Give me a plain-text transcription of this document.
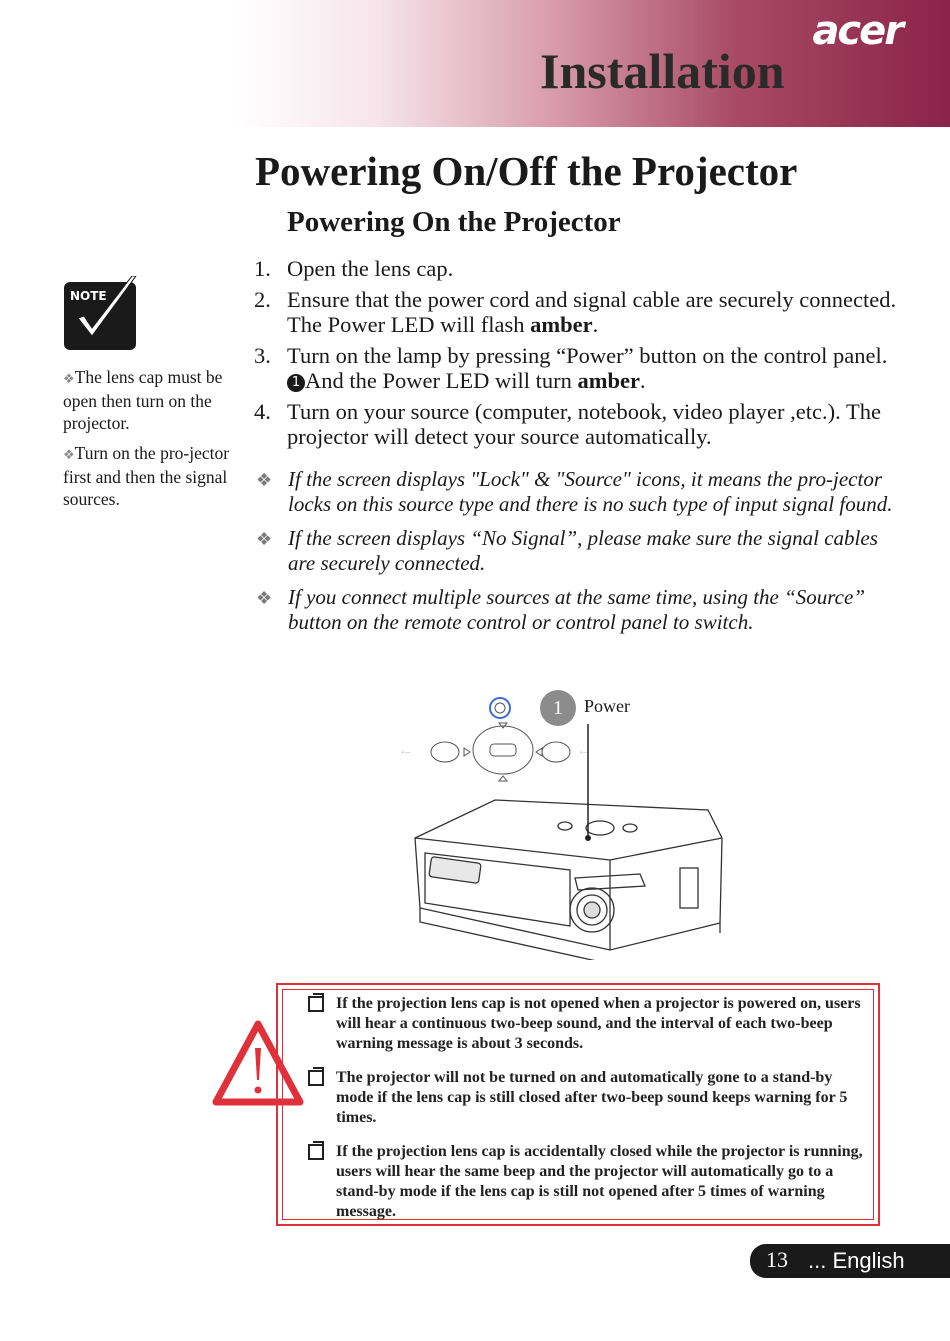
acer
Installation
Powering On/Off the Projector
Powering On the Projector
NOTE

❖The lens cap must be open then turn on the projector.

❖Turn on the pro-jector first and then the signal sources.

1. Open the lens cap.
2. Ensure that the power cord and signal cable are securely connected. The Power LED will flash amber.
3. Turn on the lamp by pressing “Power” button on the control panel.1 And the Power LED will turn amber.
4. Turn on your source (computer, notebook, video player ,etc.). The projector will detect your source automatically.
❖ If the screen displays "Lock" & "Source" icons, it means the pro-jector locks on this source type and there is no such type of input signal found.
❖ If the screen displays “No Signal”, please make sure the signal cables are securely connected.
❖ If you connect multiple sources at the same time, using the “Source” button on the remote control or control panel to switch.
• —	• —
1	Power
If the projection lens cap is not opened when a projector is powered on, users will hear a continuous two-beep sound, and the interval of each two-beep warning message is about 3 seconds.
The projector will not be turned on and automatically gone to a stand-by mode if the lens cap is still closed after two-beep sound keeps warning for 5 times.
If the projection lens cap is accidentally closed while the projector is running, users will hear the same beep and the projector will automatically go to a stand-by mode if the lens cap is still not opened after 5 times of warning message.
13 ... English
